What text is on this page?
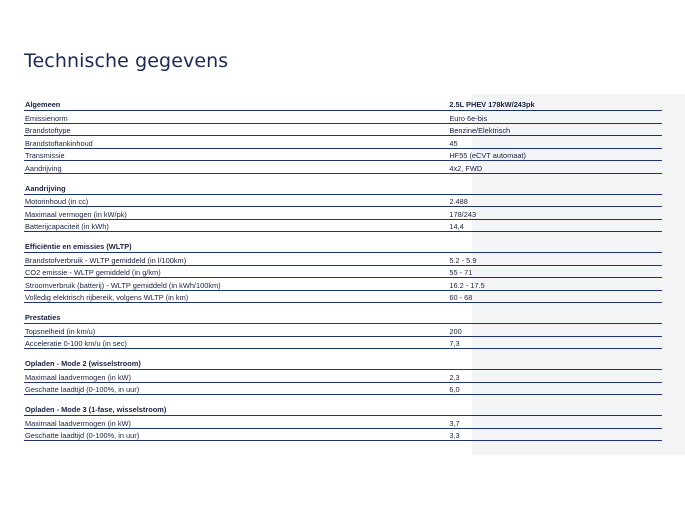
Technische gegevens
Algemeen	2.5L PHEV 178kW/243pk
Emissienorm	Euro 6e-bis
Brandstoftype	Benzine/Elektrisch
Brandstoftankinhoud	45
Transmissie	HF55 (eCVT automaat)
Aandrijving	4x2, FWD
Aandrijving
Motorinhoud (in cc)	2.488
Maximaal vermogen (in kW/pk)	178/243
Batterijcapaciteit (in kWh)	14,4
Efficiëntie en emissies (WLTP)
Brandstofverbruik - WLTP gemiddeld (in l/100km)	5.2 - 5.9
CO2 emissie - WLTP gemiddeld (in g/km)	55 - 71
Stroomverbruik (batterij) - WLTP gemiddeld (in kWh/100km)	16.2 - 17.5
Volledig elektrisch rijbereik, volgens WLTP (in km)	60 - 68
Prestaties
Topsnelheid (in km/u)	200
Acceleratie 0-100 km/u (in sec)	7,3
Opladen - Mode 2 (wisselstroom)
Maximaal laadvermogen (in kW)	2,3
Geschatte laadtijd (0-100%, in uur)	6,0
Opladen - Mode 3 (1-fase, wisselstroom)
Maximaal laadvermogen (in kW)	3,7
Geschatte laadtijd (0-100%, in uur)	3,3
